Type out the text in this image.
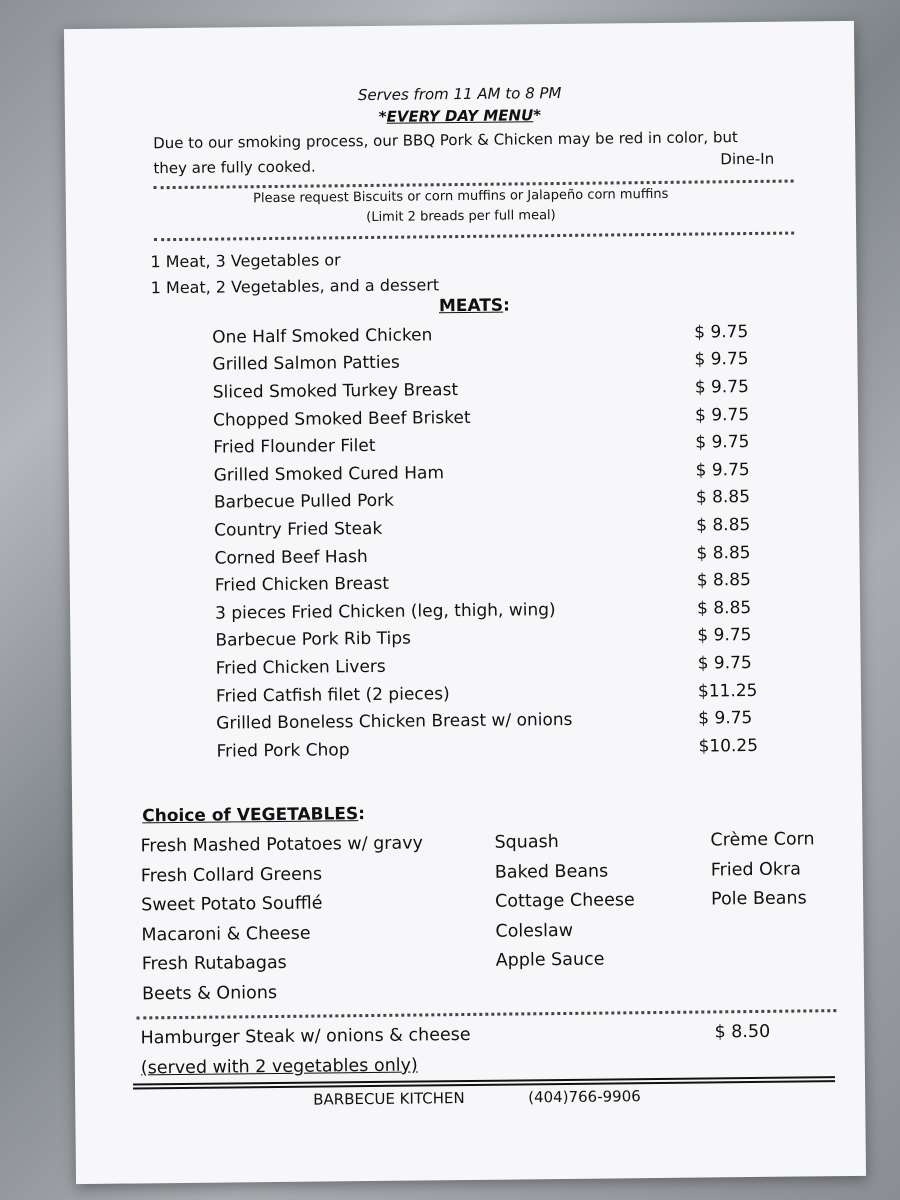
Serves from 11 AM to 8 PM
*EVERY DAY MENU*
Due to our smoking process, our BBQ Pork & Chicken may be red in color, but
they are fully cooked.	Dine-In
Please request Biscuits or corn muffins or Jalapeño corn muffins
(Limit 2 breads per full meal)
1 Meat, 3 Vegetables or
1 Meat, 2 Vegetables, and a dessert
MEATS:
One Half Smoked Chicken	$ 9.75
Grilled Salmon Patties	$ 9.75
Sliced Smoked Turkey Breast	$ 9.75
Chopped Smoked Beef Brisket	$ 9.75
Fried Flounder Filet	$ 9.75
Grilled Smoked Cured Ham	$ 9.75
Barbecue Pulled Pork	$ 8.85
Country Fried Steak	$ 8.85
Corned Beef Hash	$ 8.85
Fried Chicken Breast	$ 8.85
3 pieces Fried Chicken (leg, thigh, wing)	$ 8.85
Barbecue Pork Rib Tips	$ 9.75
Fried Chicken Livers	$ 9.75
Fried Catfish filet (2 pieces)	$11.25
Grilled Boneless Chicken Breast w/ onions	$ 9.75
Fried Pork Chop	$10.25
Choice of VEGETABLES:
Fresh Mashed Potatoes w/ gravy
Fresh Collard Greens
Sweet Potato Soufflé
Macaroni & Cheese
Fresh Rutabagas
Beets & Onions
Squash
Baked Beans
Cottage Cheese
Coleslaw
Apple Sauce
Crème Corn
Fried Okra
Pole Beans
Hamburger Steak w/ onions & cheese	$ 8.50
(served with 2 vegetables only)
BARBECUE KITCHEN	(404)766-9906
